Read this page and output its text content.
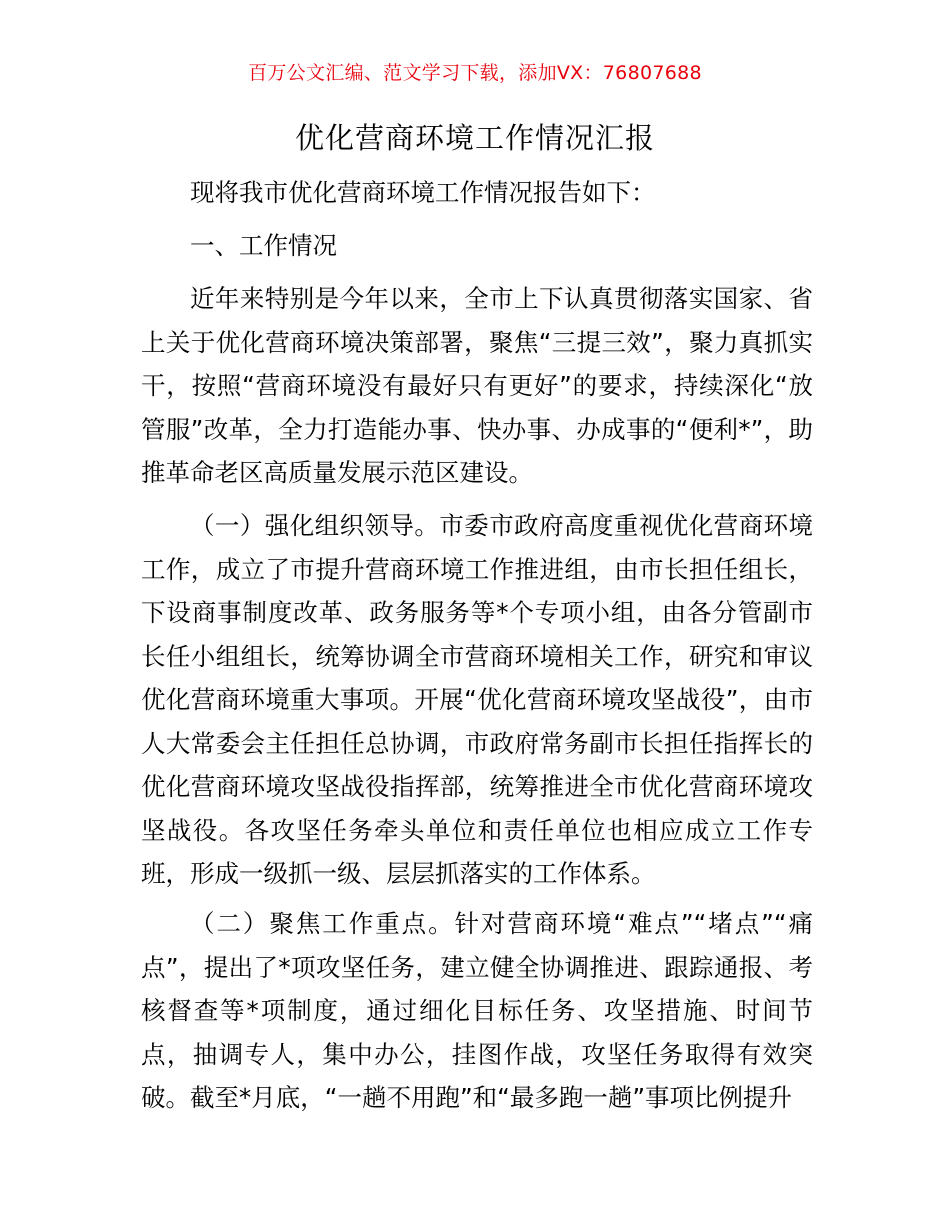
百万公文汇编、范文学习下载，添加VX：76807688
优化营商环境工作情况汇报

现将我市优化营商环境工作情况报告如下：

一、工作情况

近年来特别是今年以来，全市上下认真贯彻落实国家、省上关于优化营商环境决策部署，聚焦“三提三效”，聚力真抓实干，按照“营商环境没有最好只有更好”的要求，持续深化“放管服”改革，全力打造能办事、快办事、办成事的“便利*”，助推革命老区高质量发展示范区建设。

（一）强化组织领导。市委市政府高度重视优化营商环境工作，成立了市提升营商环境工作推进组，由市长担任组长，下设商事制度改革、政务服务等*个专项小组，由各分管副市长任小组组长，统筹协调全市营商环境相关工作，研究和审议优化营商环境重大事项。开展“优化营商环境攻坚战役”，由市人大常委会主任担任总协调，市政府常务副市长担任指挥长的优化营商环境攻坚战役指挥部，统筹推进全市优化营商环境攻坚战役。各攻坚任务牵头单位和责任单位也相应成立工作专班，形成一级抓一级、层层抓落实的工作体系。

（二）聚焦工作重点。针对营商环境“难点”“堵点”“痛点”，提出了*项攻坚任务，建立健全协调推进、跟踪通报、考核督查等*项制度，通过细化目标任务、攻坚措施、时间节点，抽调专人，集中办公，挂图作战，攻坚任务取得有效突破。截至*月底，“一趟不用跑”和“最多跑一趟”事项比例提升
